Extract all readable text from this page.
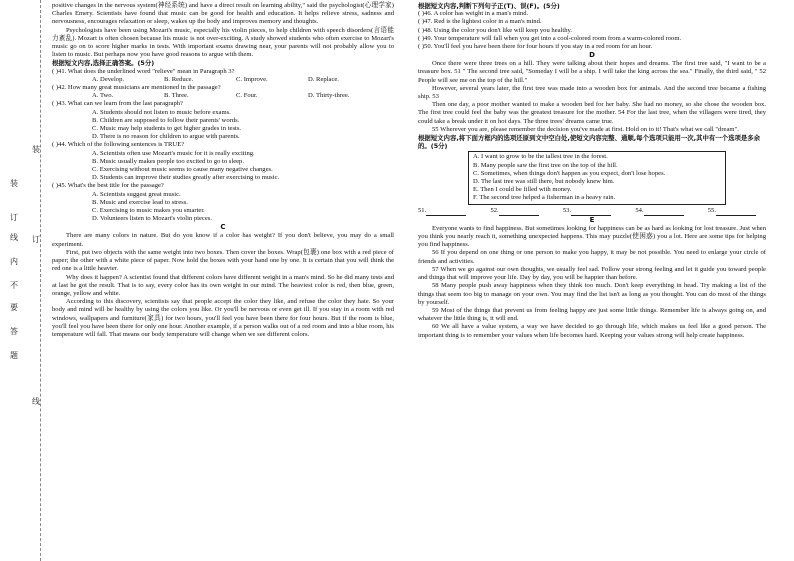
装
订
线
内
不
要
答
题
装
订
线

positive changes in the nervous system(神经系统) and have a direct result on learning ability," said the psychologist(心理学家) Charles Emery. Scientists have found that music can be good for health and education. It helps relieve stress, sadness and nervousness, encourages relaxation or sleep, wakes up the body and improves memory and thoughts.

Psychologists have been using Mozart's music, especially his violin pieces, to help children with speech disorders(言语能力紊乱). Mozart is often chosen because his music is not over-exciting. A study showed students who often exercise to Mozart's music go on to score higher marks in tests. With important exams drawing near, your parents will not probably allow you to listen to music. But perhaps now you have good reasons to argue with them.

根据短文内容,选择正确答案。(5分)
( )41. What does the underlined word "relieve" mean in Paragraph 3?
A. Develop.	B. Reduce.	C. Improve.	D. Replace.
( )42. How many great musicians are mentioned in the passage?
A. Two.	B. Three.	C. Four.	D. Thirty-three.
( )43. What can we learn from the last paragraph?
A. Students should not listen to music before exams.
B. Children are supposed to follow their parents' words.
C. Music may help students to get higher grades in tests.
D. There is no reason for children to argue with parents.
( )44. Which of the following sentences is TRUE?
A. Scientists often use Mozart's music for it is really exciting.
B. Music usually makes people too excited to go to sleep.
C. Exercising without music seems to cause many negative changes.
D. Students can improve their studies greatly after exercising to music.
( )45. What's the best title for the passage?
A. Scientists suggest great music.
B. Music and exercise lead to stress.
C. Exercising to music makes you smarter.
D. Volunteers listen to Mozart's violin pieces.
C

There are many colors in nature. But do you know if a color has weight? If you don't believe, you may do a small experiment.

First, put two objects with the same weight into two boxes. Then cover the boxes. Wrap(包裹) one box with a red piece of paper; the other with a white piece of paper. Now hold the boxes with your hand one by one. It is certain that you will think the red one is a little heavier.

Why does it happen? A scientist found that different colors have different weight in a man's mind. So he did many tests and at last he got the result. That is to say, every color has its own weight in our mind. The heaviest color is red, then blue, green, orange, yellow and white.

According to this discovery, scientists say that people accept the color they like, and refuse the color they hate. So your body and mind will be healthy by using the colors you like. Or you'll be nervous or even get ill. If you stay in a room with red windows, wallpapers and furniture(家具) for two hours, you'll feel you have been there for four hours. But if the room is blue, you'll feel you have been there for only one hour. Another example, if a person walks out of a red room and into a blue room, his temperature will fall. That means our body temperature will change when we see different colors.

根据短文内容,判断下列句子正(T)、误(F)。(5分)
( )46. A color has weight in a man's mind.
( )47. Red is the lightest color in a man's mind.
( )48. Using the color you don't like will keep you healthy.
( )49. Your temperature will fall when you get into a cool-colored room from a warm-colored room.
( )50. You'll feel you have been there for four hours if you stay in a red room for an hour.
D

Once there were three trees on a hill. They were talking about their hopes and dreams. The first tree said, "I want to be a treasure box. 51 " The second tree said, "Someday I will be a ship. I will take the king across the sea." Finally, the third said, " 52 People will see me on the top of the hill."

However, several years later, the first tree was made into a wooden box for animals. And the second tree became a fishing ship. 53

Then one day, a poor mother wanted to make a wooden bed for her baby. She had no money, so she chose the wooden box. The first tree could feel the baby was the greatest treasure for the mother. 54 For the last tree, when the villagers were tired, they could take a break under it on hot days. The three trees' dreams came true.

55 Wherever you are, please remember the decision you've made at first. Hold on to it! That's what we call "dream".

根据短文内容,将下面方框内的选项还原到文中空白处,使短文内容完整、通顺,每个选项只能用一次,其中有一个选项是多余的。(5分)
A. I want to grow to be the tallest tree in the forest.
B. Many people saw the first tree on the top of the hill.
C. Sometimes, when things don't happen as you expect, don't lose hopes.
D. The last tree was still there, but nobody knew him.
E. Then I could be filled with money.
F. The second tree helped a fisherman in a heavy rain.
51.	52.	53.	54.	55.
E

Everyone wants to find happiness. But sometimes looking for happiness can be as hard as looking for lost treasure. Just when you think you nearly reach it, something unexpected happens. This may puzzle(使困惑) you a lot. Here are some tips for helping you find happiness.

56 If you depend on one thing or one person to make you happy, it may be not possible. You need to enlarge your circle of friends and activities.

57 When we go against our own thoughts, we usually feel sad. Follow your strong feeling and let it guide you toward people and things that will improve your life. Day by day, you will be happier than before.

58 Many people push away happiness when they think too much. Don't keep everything in head. Try making a list of the things that seem too big to manage on your own. You may find the list isn't as long as you thought. You can do most of the things by yourself.

59 Most of the things that prevent us from feeling happy are just some little things. Remember life is always going on, and whatever the little thing is, it will end.

60 We all have a value system, a way we have decided to go through life, which makes us feel like a good person. The important thing is to remember your values when life becomes hard. Keeping your values strong will help create happiness.
